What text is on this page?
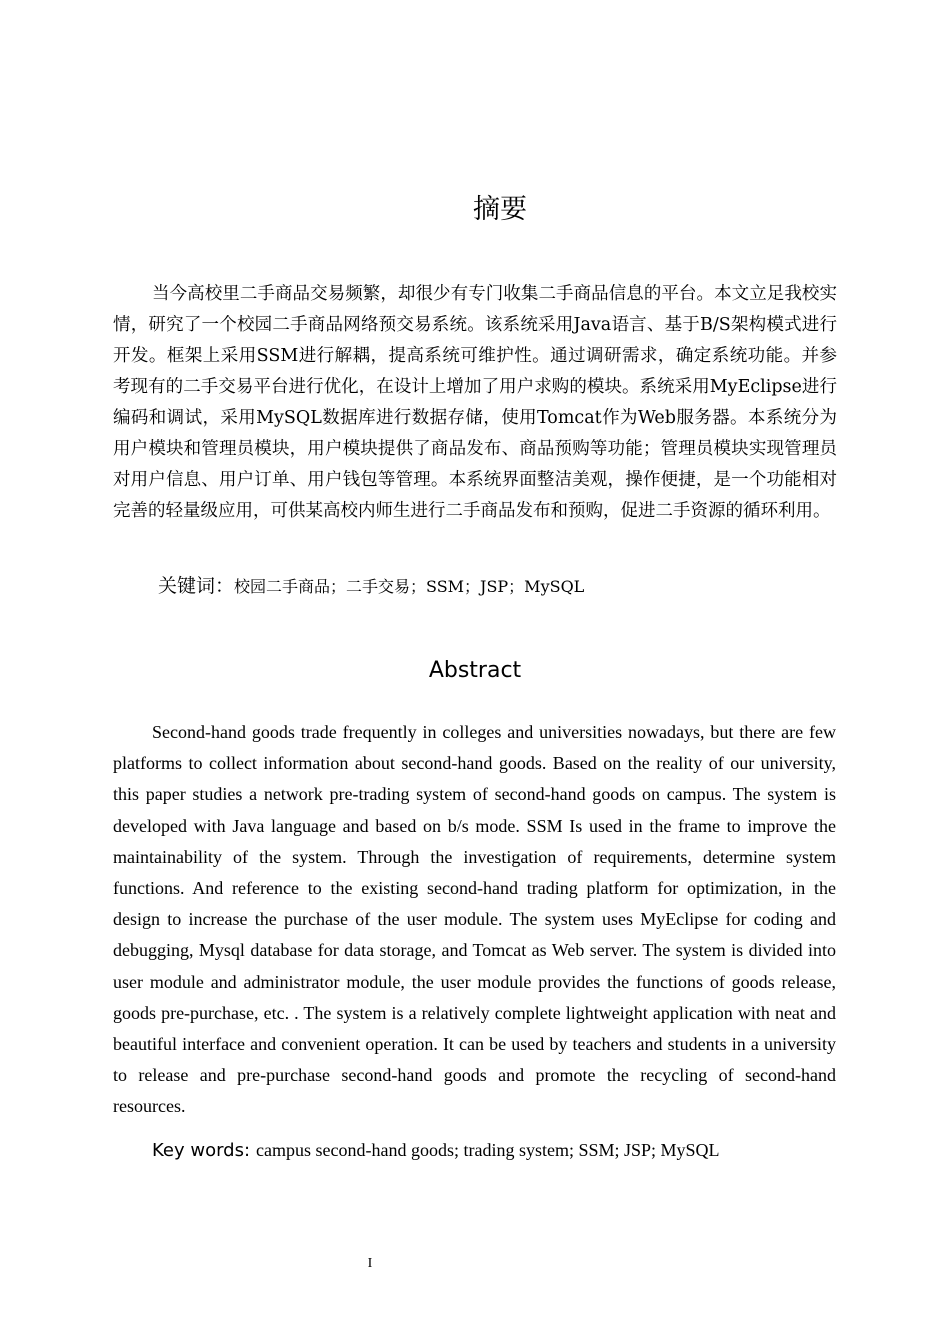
摘要

当今高校里二手商品交易频繁，却很少有专门收集二手商品信息的平台。本文立足我校实情，研究了一个校园二手商品网络预交易系统。该系统采用Java语言、基于B/S架构模式进行开发。框架上采用SSM进行解耦，提高系统可维护性。通过调研需求，确定系统功能。并参考现有的二手交易平台进行优化，在设计上增加了用户求购的模块。系统采用MyEclipse进行编码和调试，采用MySQL数据库进行数据存储，使用Tomcat作为Web服务器。本系统分为用户模块和管理员模块，用户模块提供了商品发布、商品预购等功能；管理员模块实现管理员对用户信息、用户订单、用户钱包等管理。本系统界面整洁美观，操作便捷，是一个功能相对完善的轻量级应用，可供某高校内师生进行二手商品发布和预购，促进二手资源的循环利用。

关键词：校园二手商品；二手交易；SSM；JSP；MySQL
Abstract

Second-hand goods trade frequently in colleges and universities nowadays, but there are few platforms to collect information about second-hand goods. Based on the reality of our university, this paper studies a network pre-trading system of second-hand goods on campus. The system is developed with Java language and based on b/s mode. SSM Is used in the frame to improve the maintainability of the system. Through the investigation of requirements, determine system functions. And reference to the existing second-hand trading platform for optimization, in the design to increase the purchase of the user module. The system uses MyEclipse for coding and debugging, Mysql database for data storage, and Tomcat as Web server. The system is divided into user module and administrator module, the user module provides the functions of goods release, goods pre-purchase, etc. . The system is a relatively complete lightweight application with neat and beautiful interface and convenient operation. It can be used by teachers and students in a university to release and pre-purchase second-hand goods and promote the recycling of second-hand resources.

Key words: campus second-hand goods; trading system; SSM; JSP; MySQL
I
